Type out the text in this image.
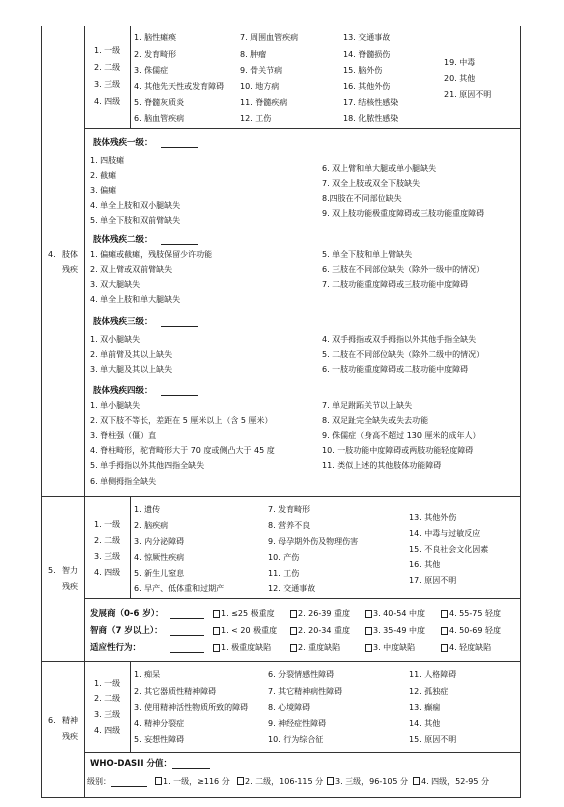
1. 一级
2. 二级
3. 三级
4. 四级
1. 脑性瘫痪
2. 发育畸形
3. 侏儒症
4. 其他先天性或发育障碍
5. 脊髓灰质炎
6. 脑血管疾病
7. 周围血管疾病
8. 肿瘤
9. 骨关节病
10. 地方病
11. 脊髓疾病
12. 工伤
13. 交通事故
14. 脊髓损伤
15. 脑外伤
16. 其他外伤
17. 结核性感染
18. 化脓性感染
19. 中毒
20. 其他
21. 原因不明
4. 肢体
残疾
肢体残疾一级：
1. 四肢瘫
2. 截瘫
3. 偏瘫
4. 单全上肢和双小腿缺失
5. 单全下肢和双前臂缺失
6. 双上臂和单大腿或单小腿缺失
7. 双全上肢或双全下肢缺失
8.四肢在不同部位缺失
9. 双上肢功能极重度障碍或三肢功能重度障碍
肢体残疾二级：
1. 偏瘫或截瘫，残肢保留少许功能
2. 双上臂或双前臂缺失
3. 双大腿缺失
4. 单全上肢和单大腿缺失
5. 单全下肢和单上臂缺失
6. 三肢在不同部位缺失（除外一级中的情况）
7. 二肢功能重度障碍或三肢功能中度障碍
肢体残疾三级：
1. 双小腿缺失
2. 单前臂及其以上缺失
3. 单大腿及其以上缺失
4. 双手拇指或双手拇指以外其他手指全缺失
5. 二肢在不同部位缺失（除外二级中的情况）
6. 一肢功能重度障碍或二肢功能中度障碍
肢体残疾四级：
1. 单小腿缺失
2. 双下肢不等长，差距在 5 厘米以上（含 5 厘米）
3. 脊柱强（僵）直
4. 脊柱畸形，驼背畸形大于 70 度或侧凸大于 45 度
5. 单手拇指以外其他四指全缺失
6. 单侧拇指全缺失
7. 单足跗跖关节以上缺失
8. 双足趾完全缺失或失去功能
9. 侏儒症（身高不超过 130 厘米的成年人）
10. 一肢功能中度障碍或两肢功能轻度障碍
11. 类似上述的其他肢体功能障碍
5. 智力
残疾
1. 一级
2. 二级
3. 三级
4. 四级
1. 遗传
2. 脑疾病
3. 内分泌障碍
4. 惊厥性疾病
5. 新生儿窒息
6. 早产、低体重和过期产
7. 发育畸形
8. 营养不良
9. 母孕期外伤及物理伤害
10. 产伤
11. 工伤
12. 交通事故
13. 其他外伤
14. 中毒与过敏反应
15. 不良社会文化因素
16. 其他
17. 原因不明
发展商（0-6 岁）：	1. ≤25 极重度	2. 26-39 重度	3. 40-54 中度	4. 55-75 轻度
智商（7 岁以上）：	1. < 20 极重度	2. 20-34 重度	3. 35-49 中度	4. 50-69 轻度
适应性行为：	1. 极重度缺陷	2. 重度缺陷	3. 中度缺陷	4. 轻度缺陷
6. 精神
残疾
1. 一级
2. 二级
3. 三级
4. 四级
1. 痴呆
2. 其它器质性精神障碍
3. 使用精神活性物质所致的障碍
4. 精神分裂症
5. 妄想性障碍
6. 分裂情感性障碍
7. 其它精神病性障碍
8. 心境障碍
9. 神经症性障碍
10. 行为综合征
11. 人格障碍
12. 孤独症
13. 癫痫
14. 其他
15. 原因不明
WHO-DASII 分值：
级别：	1. 一级，≥116 分 2. 二级，106-115 分 3. 三级，96-105 分 4. 四级，52-95 分
